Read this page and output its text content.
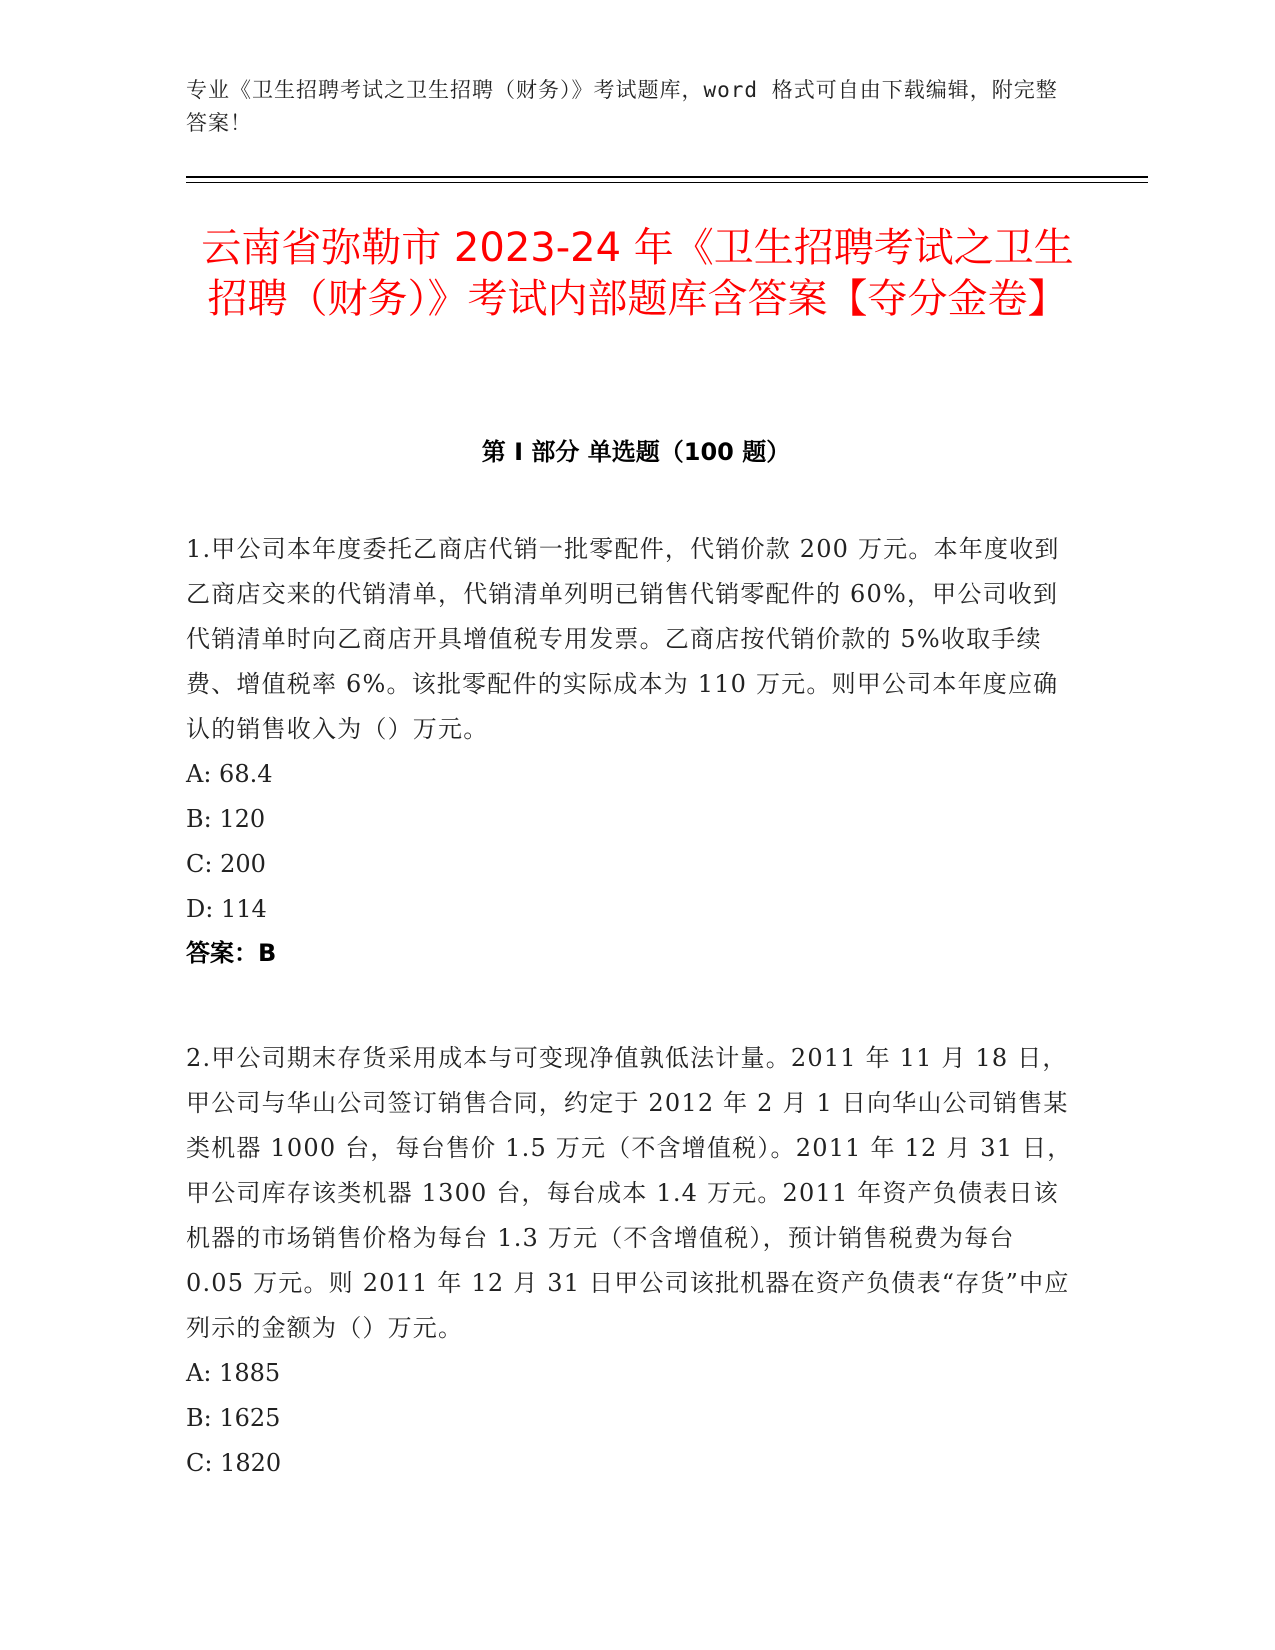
专业《卫生招聘考试之卫生招聘（财务）》考试题库，word 格式可自由下载编辑，附完整答案！
云南省弥勒市 2023-24 年《卫生招聘考试之卫生招聘（财务）》考试内部题库含答案【夺分金卷】
第 I 部分 单选题（100 题）

1.甲公司本年度委托乙商店代销一批零配件，代销价款 200 万元。本年度收到乙商店交来的代销清单，代销清单列明已销售代销零配件的 60%，甲公司收到代销清单时向乙商店开具增值税专用发票。乙商店按代销价款的 5%收取手续费、增值税率 6%。该批零配件的实际成本为 110 万元。则甲公司本年度应确认的销售收入为（）万元。

A: 68.4

B: 120

C: 200

D: 114

答案：B

2.甲公司期末存货采用成本与可变现净值孰低法计量。2011 年 11 月 18 日，甲公司与华山公司签订销售合同，约定于 2012 年 2 月 1 日向华山公司销售某类机器 1000 台，每台售价 1.5 万元（不含增值税）。2011 年 12 月 31 日，甲公司库存该类机器 1300 台，每台成本 1.4 万元。2011 年资产负债表日该机器的市场销售价格为每台 1.3 万元（不含增值税），预计销售税费为每台 0.05 万元。则 2011 年 12 月 31 日甲公司该批机器在资产负债表“存货”中应列示的金额为（）万元。

A: 1885

B: 1625

C: 1820
